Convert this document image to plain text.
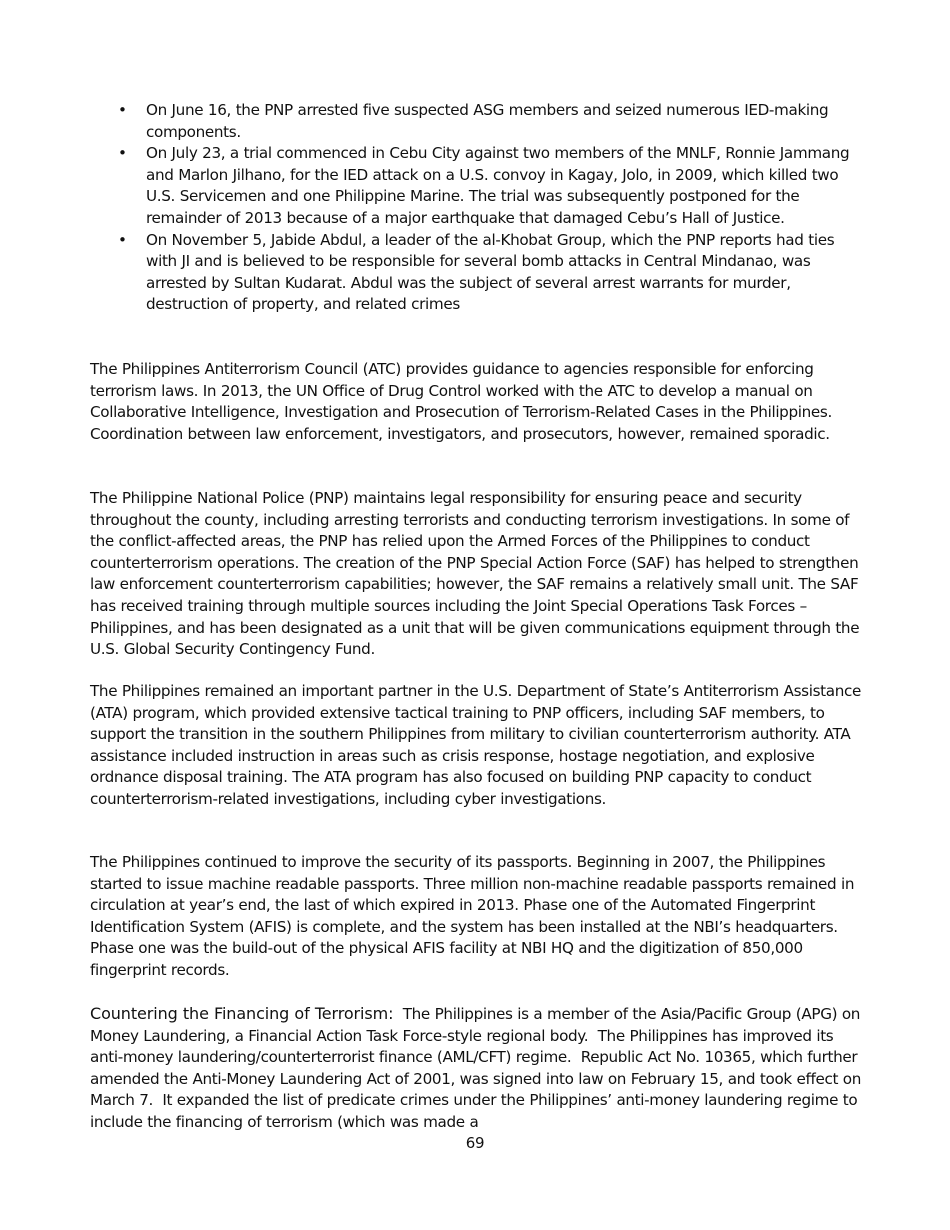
• On June 16, the PNP arrested five suspected ASG members and seized numerous IED-making components.
• On July 23, a trial commenced in Cebu City against two members of the MNLF, Ronnie Jammang and Marlon Jilhano, for the IED attack on a U.S. convoy in Kagay, Jolo, in 2009, which killed two U.S. Servicemen and one Philippine Marine. The trial was subsequently postponed for the remainder of 2013 because of a major earthquake that damaged Cebu’s Hall of Justice.
• On November 5, Jabide Abdul, a leader of the al-Khobat Group, which the PNP reports had ties with JI and is believed to be responsible for several bomb attacks in Central Mindanao, was arrested by Sultan Kudarat. Abdul was the subject of several arrest warrants for murder, destruction of property, and related crimes

The Philippines Antiterrorism Council (ATC) provides guidance to agencies responsible for enforcing terrorism laws. In 2013, the UN Office of Drug Control worked with the ATC to develop a manual on Collaborative Intelligence, Investigation and Prosecution of Terrorism-Related Cases in the Philippines. Coordination between law enforcement, investigators, and prosecutors, however, remained sporadic.

The Philippine National Police (PNP) maintains legal responsibility for ensuring peace and security throughout the county, including arresting terrorists and conducting terrorism investigations. In some of the conflict-affected areas, the PNP has relied upon the Armed Forces of the Philippines to conduct counterterrorism operations. The creation of the PNP Special Action Force (SAF) has helped to strengthen law enforcement counterterrorism capabilities; however, the SAF remains a relatively small unit. The SAF has received training through multiple sources including the Joint Special Operations Task Forces – Philippines, and has been designated as a unit that will be given communications equipment through the U.S. Global Security Contingency Fund.

The Philippines remained an important partner in the U.S. Department of State’s Antiterrorism Assistance (ATA) program, which provided extensive tactical training to PNP officers, including SAF members, to support the transition in the southern Philippines from military to civilian counterterrorism authority. ATA assistance included instruction in areas such as crisis response, hostage negotiation, and explosive ordnance disposal training. The ATA program has also focused on building PNP capacity to conduct counterterrorism-related investigations, including cyber investigations.

The Philippines continued to improve the security of its passports. Beginning in 2007, the Philippines started to issue machine readable passports. Three million non-machine readable passports remained in circulation at year’s end, the last of which expired in 2013. Phase one of the Automated Fingerprint Identification System (AFIS) is complete, and the system has been installed at the NBI’s headquarters. Phase one was the build-out of the physical AFIS facility at NBI HQ and the digitization of 850,000 fingerprint records.

Countering the Financing of Terrorism:  The Philippines is a member of the Asia/Pacific Group (APG) on Money Laundering, a Financial Action Task Force-style regional body.  The Philippines has improved its anti-money laundering/counterterrorist finance (AML/CFT) regime.  Republic Act No. 10365, which further amended the Anti-Money Laundering Act of 2001, was signed into law on February 15, and took effect on March 7.  It expanded the list of predicate crimes under the Philippines’ anti-money laundering regime to include the financing of terrorism (which was made a

69
